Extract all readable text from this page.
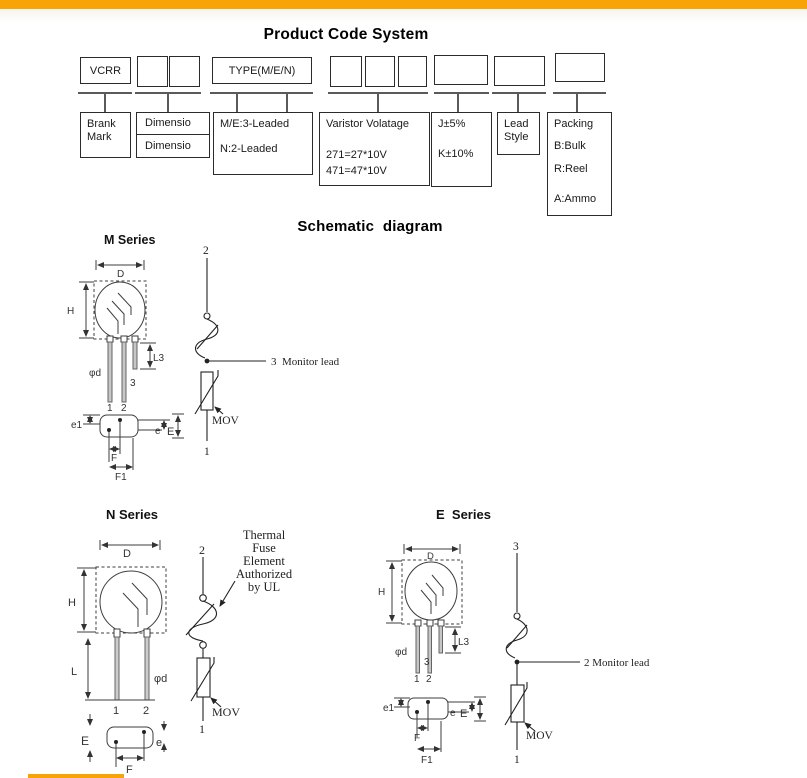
Product Code System
VCRR	TYPE(M/E/N)
Brank
Mark
Dimensio
Dimensio
M/E:3-Leaded
N:2-Leaded
Varistor Volatage
271=27*10V
471=47*10V
J±5%
K±10%
Lead
Style
Packing
B:Bulk
R:Reel
A:Ammo
Schematic  diagram
M Series
D
H
L3
φd
3
1 2
e1
e E
F
F1
2
3  Monitor lead
MOV
1
N Series
D
H
L
φd
1 2
E	e
F
2
MOV
1
Thermal
Fuse
Element
Authorized
by UL
E  Series
D
H
L3
φd
3
1 2
e1	e E
F
F1
3
2 Monitor lead
MOV
1
